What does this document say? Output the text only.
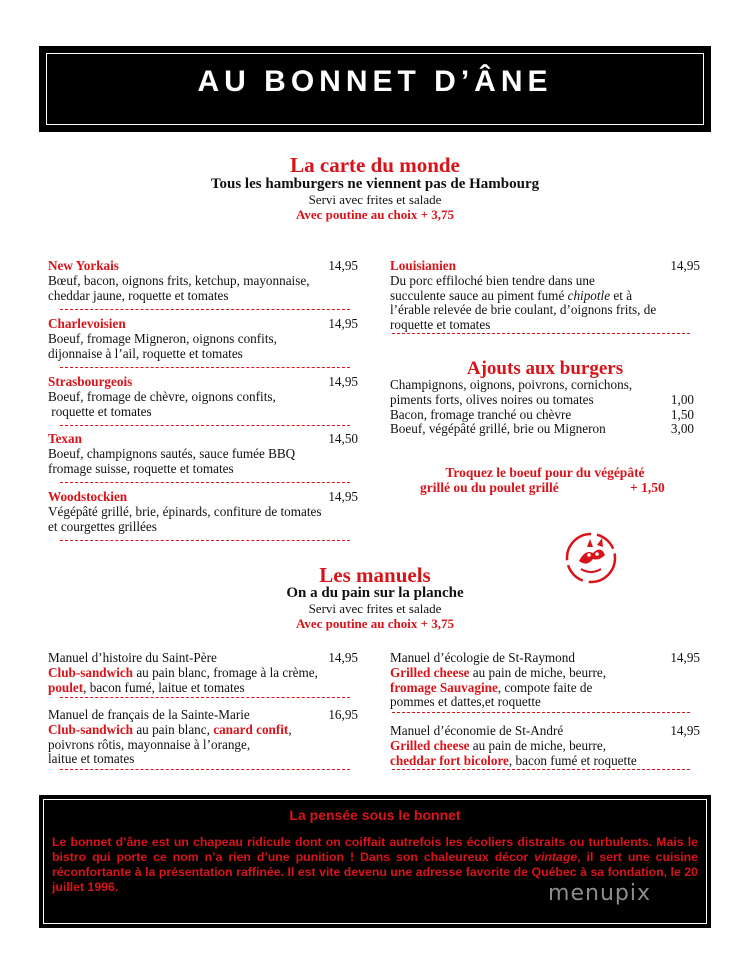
AU BONNET D’ÂNE
La carte du monde
Tous les hamburgers ne viennent pas de Hambourg
Servi avec frites et salade
Avec poutine au choix + 3,75
New Yorkais	14,95
Bœuf, bacon, oignons frits, ketchup, mayonnaise,
cheddar jaune, roquette et tomates
Charlevoisien	14,95
Boeuf, fromage Migneron, oignons confits,
dijonnaise à l’ail, roquette et tomates
Strasbourgeois	14,95
Boeuf, fromage de chèvre, oignons confits,
roquette et tomates
Texan	14,50
Boeuf, champignons sautés, sauce fumée BBQ
fromage suisse, roquette et tomates
Woodstockien	14,95
Végépâté grillé, brie, épinards, confiture de tomates
et courgettes grillées
Louisianien	14,95
Du porc effiloché bien tendre dans une
succulente sauce au piment fumé chipotle et à
l’érable relevée de brie coulant, d’oignons frits, de
roquette et tomates
Ajouts aux burgers
Champignons, oignons, poivrons, cornichons,
piments forts, olives noires ou tomates	1,00
Bacon, fromage tranché ou chèvre	1,50
Boeuf, végépâté grillé, brie ou Migneron	3,00
Troquez le boeuf pour du végépâté
grillé ou du poulet grillé	+ 1,50
Les manuels
On a du pain sur la planche
Servi avec frites et salade
Avec poutine au choix + 3,75
Manuel d’histoire du Saint-Père	14,95
Club-sandwich au pain blanc, fromage à la crème,
poulet, bacon fumé, laitue et tomates
Manuel de français de la Sainte-Marie	16,95
Club-sandwich au pain blanc, canard confit,
poivrons rôtis, mayonnaise à l’orange,
laitue et tomates
Manuel d’écologie de St-Raymond	14,95
Grilled cheese au pain de miche, beurre,
fromage Sauvagine, compote faite de
pommes et dattes,et roquette
Manuel d’économie de St-André	14,95
Grilled cheese au pain de miche, beurre,
cheddar fort bicolore, bacon fumé et roquette
La pensée sous le bonnet
Le bonnet d’âne est un chapeau ridicule dont on coiffait autrefois les écoliers distraits ou turbulents. Mais le bistro qui porte ce nom n’a rien d’une punition ! Dans son chaleureux décor vintage, il sert une cuisine réconfortante à la présentation raffinée. Il est vite devenu une adresse favorite de Québec à sa fondation, le 20 juillet 1996.	menupix
